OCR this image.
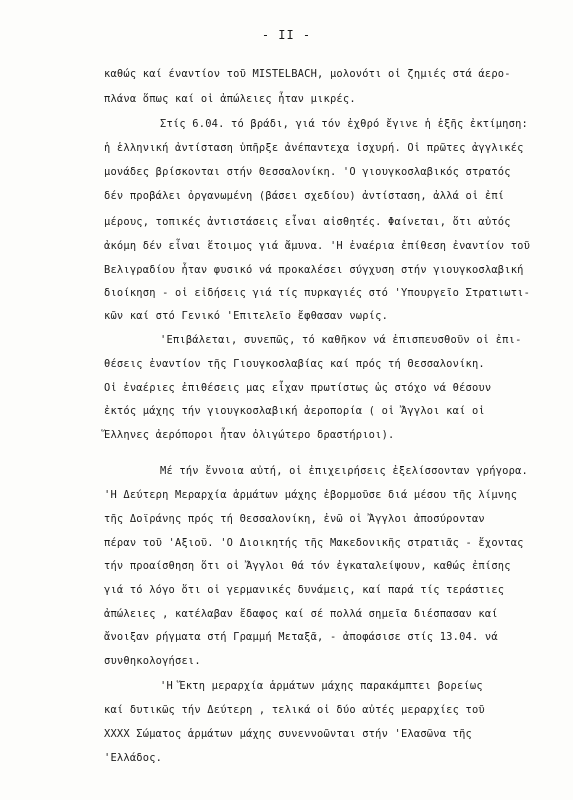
- II -
καθώς καί έναντίον τοῦ MISTELBACH, μολονότι οἱ ζημιές στά άερο-
πλάνα ὅπως καί οἱ ἀπώλειες ἦταν μικρές.
Στίς 6.04. τό βράδι, γιά τόν ἐχθρό ἔγινε ἡ ἑξῆς ἐκτίμηση:
ἡ ἑλληνική ἀντίσταση ὑπῆρξε ἀνέπαντεχα ἰσχυρή. Οἱ πρῶτες ἀγγλικές
μονάδες βρίσκονται στήν Θεσσαλονίκη. 'Ο γιουγκοσλαβικός στρατός
δέν προβάλει ὀργανωμένη (βάσει σχεδίου) ἀντίσταση, ἀλλά οἱ ἐπί
μέρους, τοπικές ἀντιστάσεις εἶναι αἰσθητές. Φαίνεται, ὅτι αὐτός
ἀκόμη δέν εἶναι ἕτοιμος γιά ἄμυνα. 'Η ἐναέρια ἐπίθεση ἐναντίον τοῦ
Βελιγραδίου ἦταν φυσικό νά προκαλέσει σύγχυση στήν γιουγκοσλαβική
διοίκηση - οἱ εἰδήσεις γιά τίς πυρκαγιές στό 'Υπουργεῖο Στρατιωτι-
κῶν καί στό Γενικό 'Επιτελεῖο ἔφθασαν νωρίς.
'Επιβάλεται, συνεπῶς, τό καθῆκον νά ἐπισπευσθοῦν οἱ ἐπι-
θέσεις ἐναντίον τῆς Γιουγκοσλαβίας καί πρός τή Θεσσαλονίκη.
Οἱ ἐναέριες ἐπιθέσεις μας εἶχαν πρωτίστως ὡς στόχο νά θέσουν
ἐκτός μάχης τήν γιουγκοσλαβική ἀεροπορία ( οἱ Ἄγγλοι καί οἱ
Ἕλληνες ἀερόποροι ἦταν ὀλιγώτερο δραστήριοι).
Μέ τήν ἔννοια αὐτή, οἱ ἐπιχειρήσεις ἐξελίσσονταν γρήγορα.
'Η Δεύτερη Μεραρχία ἁρμάτων μάχης ἐβορμοῦσε διά μέσου τῆς λίμνης
τῆς Δοϊράνης πρός τή Θεσσαλονίκη, ἐνῶ οἱ Ἄγγλοι ἀποσύρονταν
πέραν τοῦ 'Αξιοῦ. 'Ο Διοικητής τῆς Μακεδονικῆς στρατιᾶς - ἔχοντας
τήν προαίσθηση ὅτι οἱ Ἄγγλοι θά τόν ἐγκαταλείψουν, καθώς ἐπίσης
γιά τό λόγο ὅτι οἱ γερμανικές δυνάμεις, καί παρά τίς τεράστιες
ἀπώλειες , κατέλαβαν ἔδαφος καί σέ πολλά σημεῖα διέσπασαν καί
ἄνοιξαν ρήγματα στή Γραμμή Μεταξᾶ, - ἀποφάσισε στίς 13.04. νά
συνθηκολογήσει.
'Η Ἕκτη μεραρχία ἁρμάτων μάχης παρακάμπτει βορείως
καί δυτικῶς τήν Δεύτερη , τελικά οἱ δύο αὐτές μεραρχίες τοῦ
XXXX Σώματος ἁρμάτων μάχης συνεννοῶνται στήν 'Ελασῶνα τῆς
'Ελλάδος.
